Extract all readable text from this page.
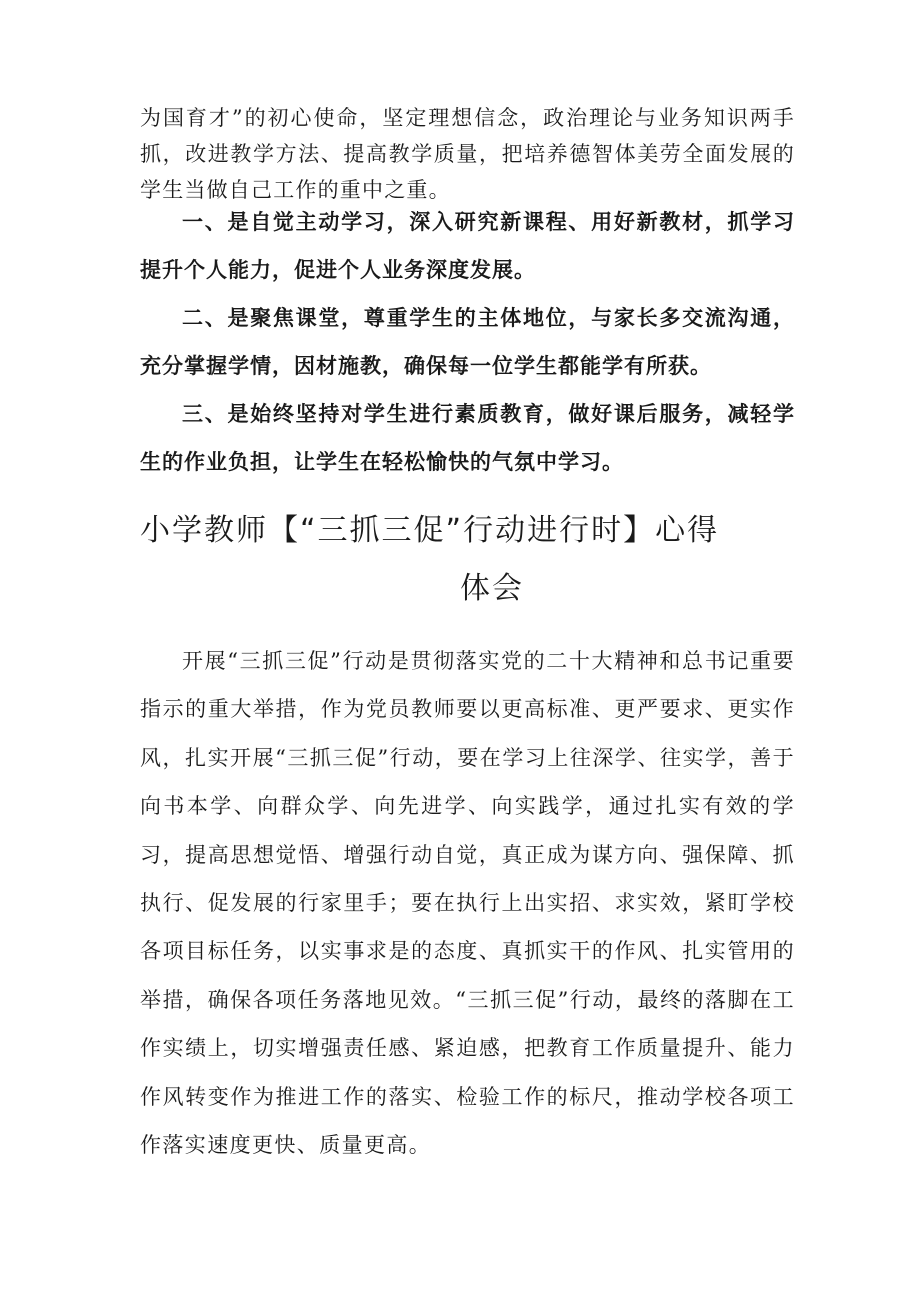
为国育才”的初心使命，坚定理想信念，政治理论与业务知识两手抓，改进教学方法、提高教学质量，把培养德智体美劳全面发展的学生当做自己工作的重中之重。

一、是自觉主动学习，深入研究新课程、用好新教材，抓学习提升个人能力，促进个人业务深度发展。

二、是聚焦课堂，尊重学生的主体地位，与家长多交流沟通，充分掌握学情，因材施教，确保每一位学生都能学有所获。

三、是始终坚持对学生进行素质教育，做好课后服务，减轻学生的作业负担，让学生在轻松愉快的气氛中学习。

小学教师【“三抓三促”行动进行时】心得
体会

开展“三抓三促”行动是贯彻落实党的二十大精神和总书记重要指示的重大举措，作为党员教师要以更高标准、更严要求、更实作风，扎实开展“三抓三促”行动，要在学习上往深学、往实学，善于向书本学、向群众学、向先进学、向实践学，通过扎实有效的学习，提高思想觉悟、增强行动自觉，真正成为谋方向、强保障、抓执行、促发展的行家里手；要在执行上出实招、求实效，紧盯学校各项目标任务，以实事求是的态度、真抓实干的作风、扎实管用的举措，确保各项任务落地见效。“三抓三促”行动，最终的落脚在工作实绩上，切实增强责任感、紧迫感，把教育工作质量提升、能力作风转变作为推进工作的落实、检验工作的标尺，推动学校各项工作落实速度更快、质量更高。
